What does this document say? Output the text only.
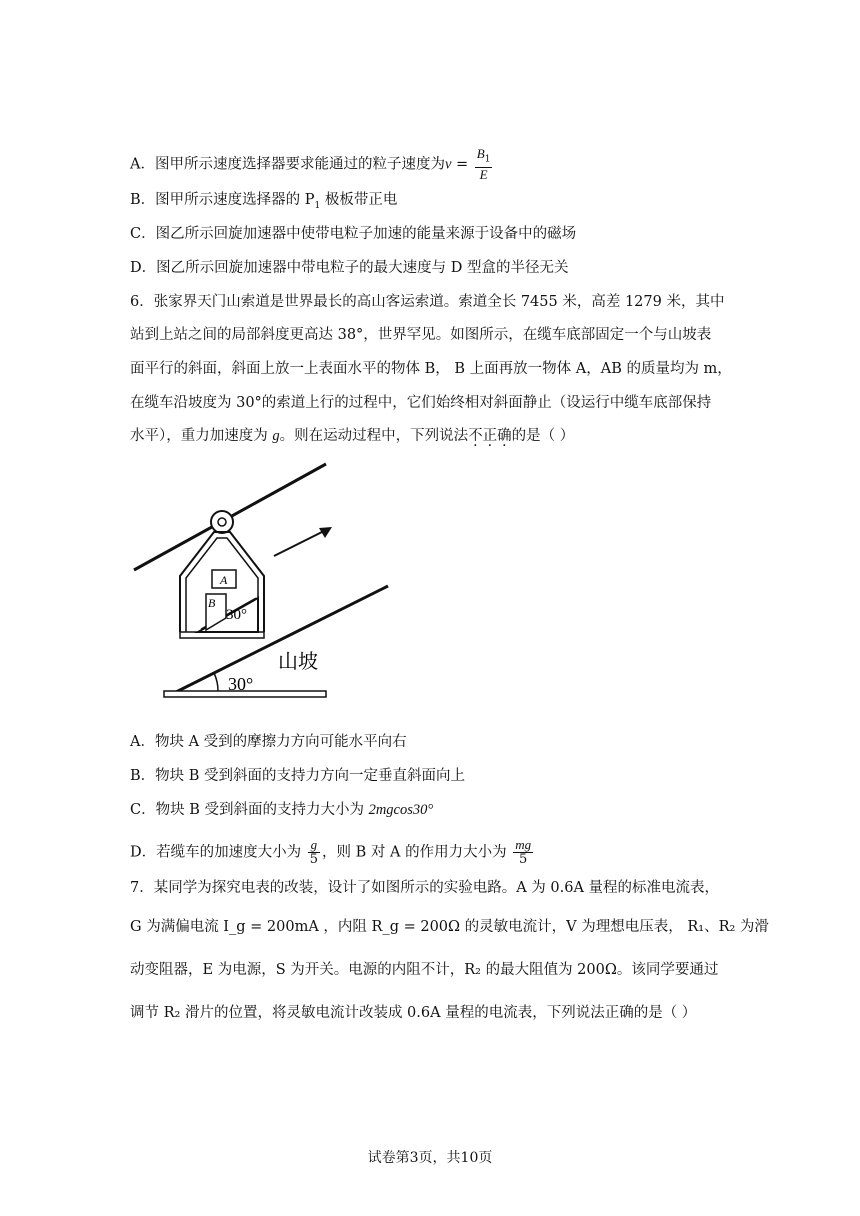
A．图甲所示速度选择器要求能通过的粒子速度为$v = \frac{B_1}{E}$
B．图甲所示速度选择器的 $P_1$ 极板带正电
C．图乙所示回旋加速器中使带电粒子加速的能量来源于设备中的磁场
D．图乙所示回旋加速器中带电粒子的最大速度与 D 型盒的半径无关
6．张家界天门山索道是世界最长的高山客运索道。索道全长 7455 米，高差 1279 米，其中
站到上站之间的局部斜度更高达 38°，世界罕见。如图所示，在缆车底部固定一个与山坡表
面平行的斜面，斜面上放一上表面水平的物体 B， B 上面再放一物体 A，AB 的质量均为 m，
在缆车沿坡度为 30°的索道上行的过程中，它们始终相对斜面静止（设运行中缆车底部保持
水平），重力加速度为 g。则在运动过程中，下列说法不正确的是（ ）
A
B
30°
30°
山坡
A．物块 A 受到的摩擦力方向可能水平向右
B．物块 B 受到斜面的支持力方向一定垂直斜面向上
C．物块 B 受到斜面的支持力大小为 2mgcos30°
D．若缆车的加速度大小为 $\frac{g}{5}$ ，则 B 对 A 的作用力大小为 $\frac{mg}{5}$
7．某同学为探究电表的改装，设计了如图所示的实验电路。A 为 0.6A 量程的标准电流表，
G 为满偏电流 I_g = 200mA ，内阻 R_g = 200Ω 的灵敏电流计，V 为理想电压表， R₁、R₂ 为滑
动变阻器，E 为电源，S 为开关。电源的内阻不计，R₂ 的最大阻值为 200Ω。该同学要通过
调节 R₂ 滑片的位置，将灵敏电流计改装成 0.6A 量程的电流表，下列说法正确的是（ ）
试卷第3页，共10页
